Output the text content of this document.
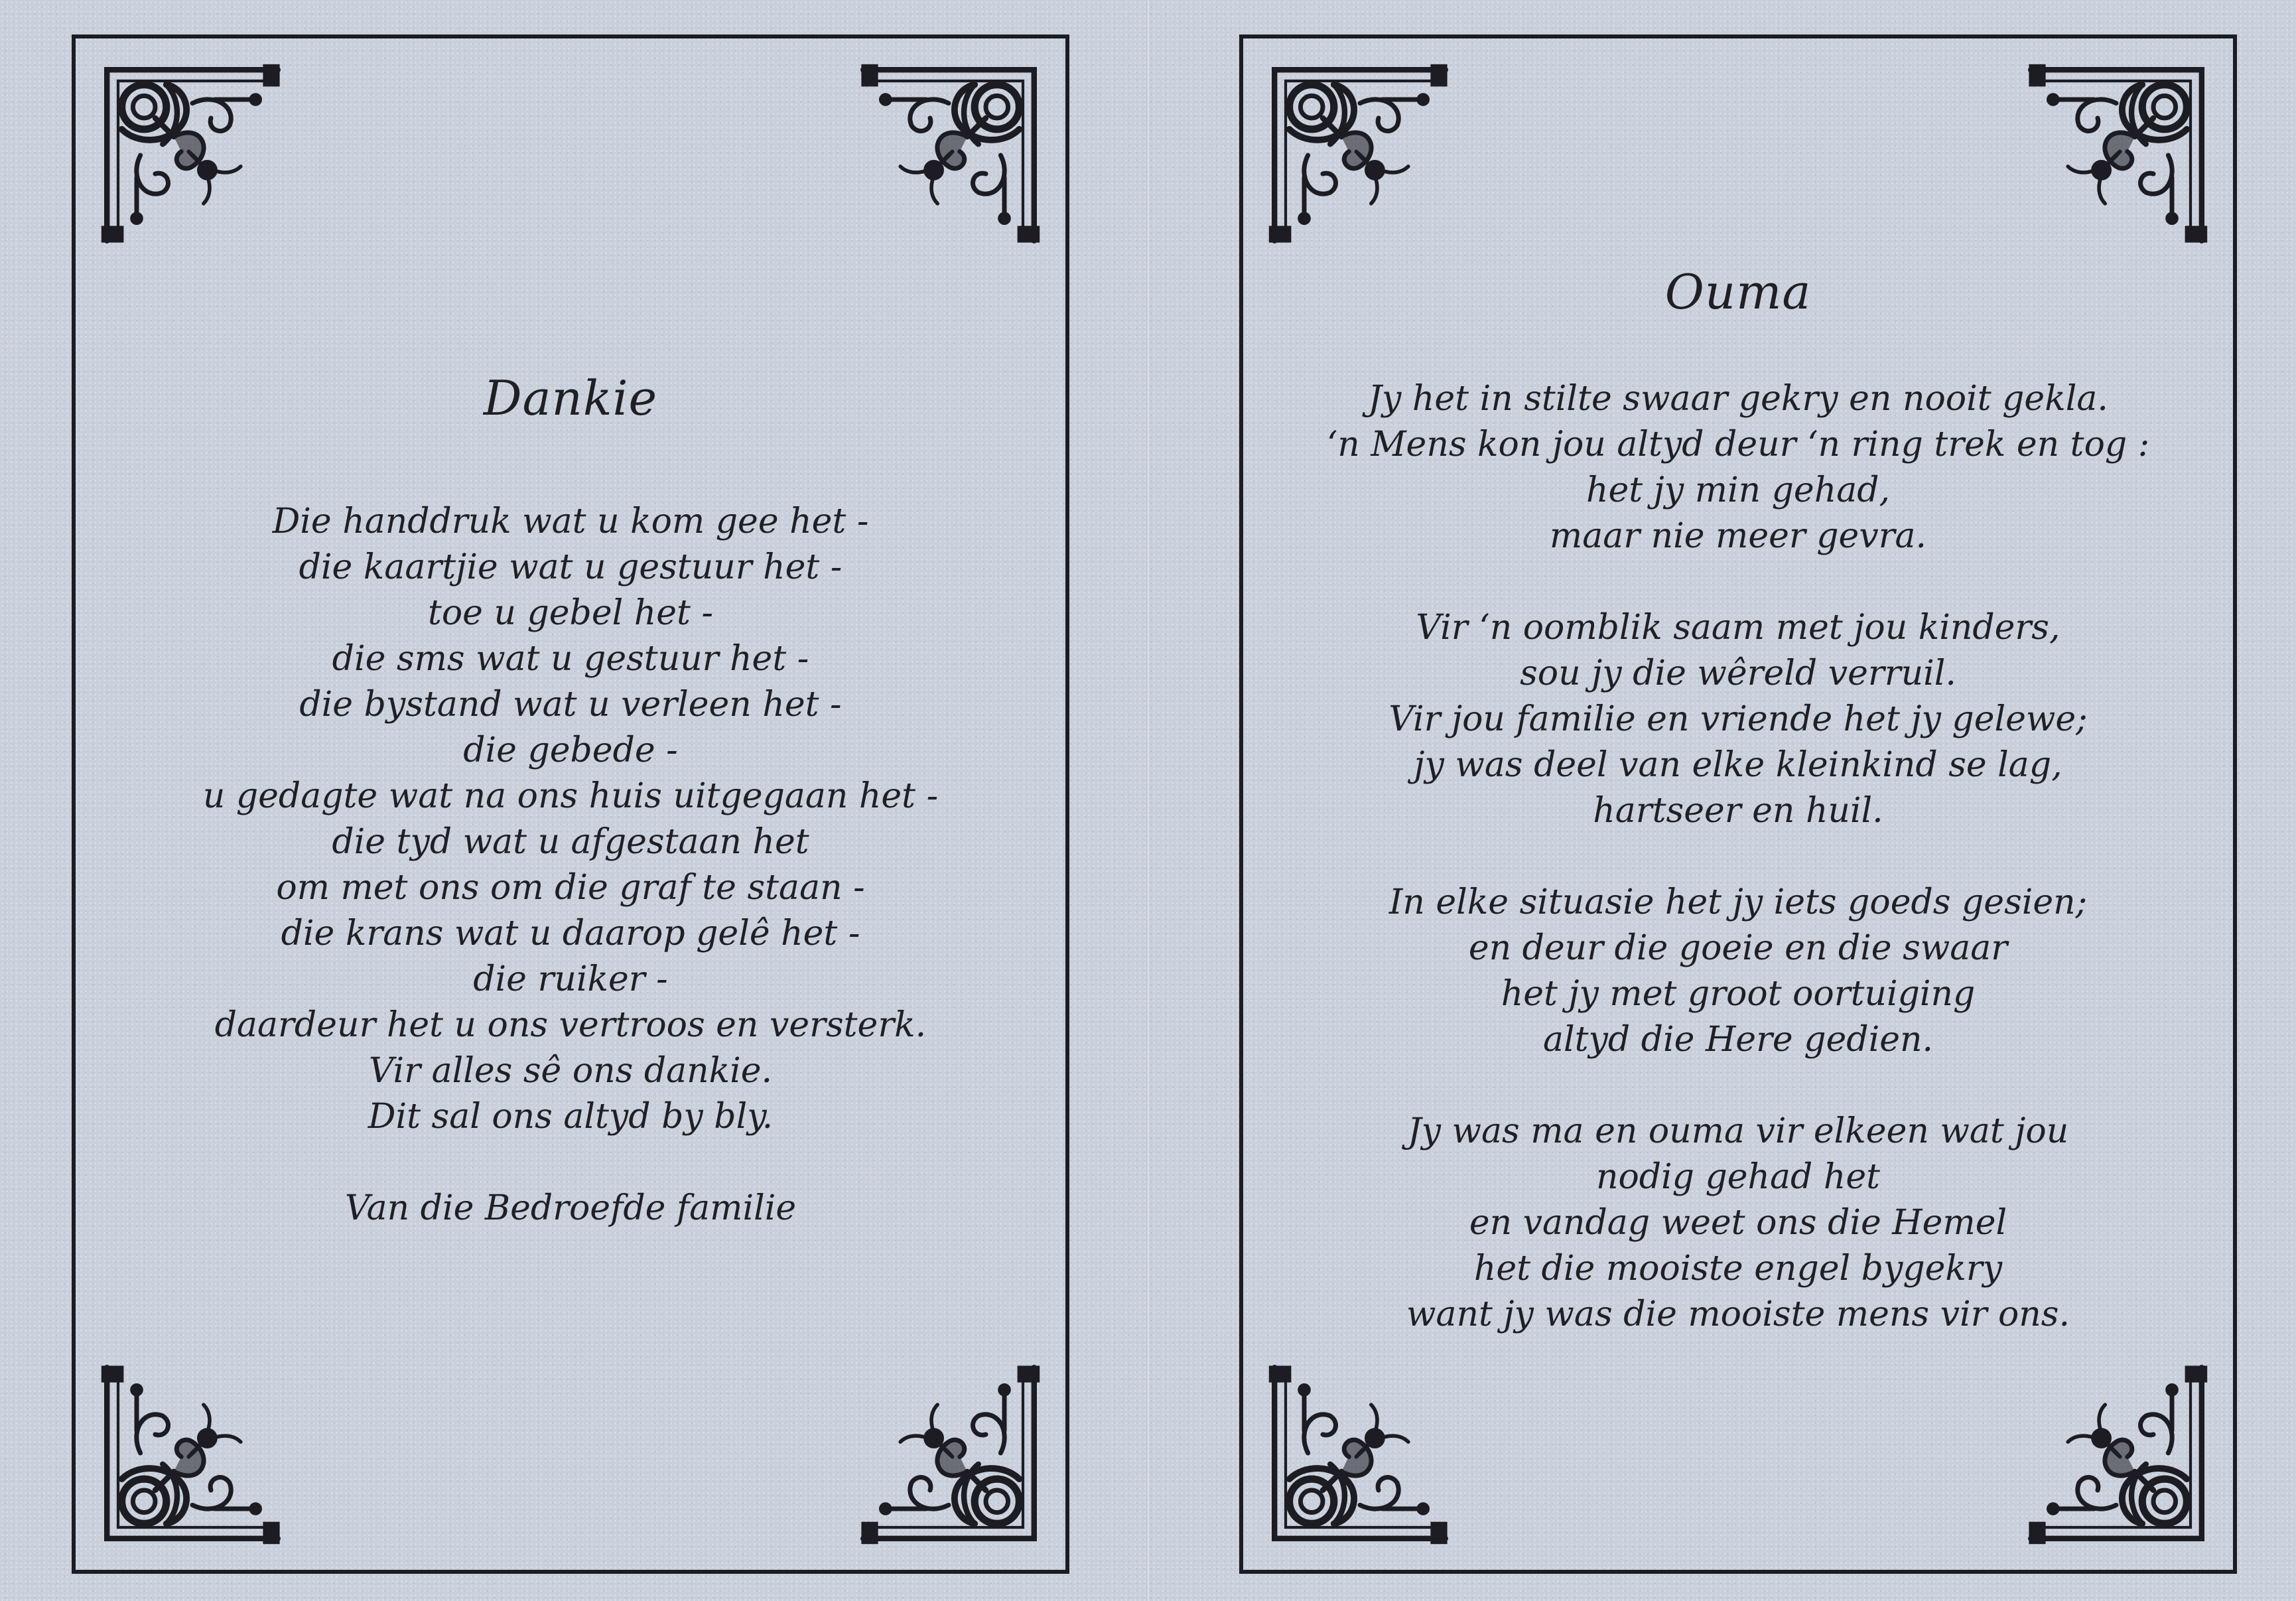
Dankie
Die handdruk wat u kom gee het -
die kaartjie wat u gestuur het -
toe u gebel het -
die sms wat u gestuur het -
die bystand wat u verleen het -
die gebede -
u gedagte wat na ons huis uitgegaan het -
die tyd wat u afgestaan het
om met ons om die graf te staan -
die krans wat u daarop gelê het -
die ruiker -
daardeur het u ons vertroos en versterk.
Vir alles sê ons dankie.
Dit sal ons altyd by bly.
Van die Bedroefde familie
Ouma
Jy het in stilte swaar gekry en nooit gekla.
‘n Mens kon jou altyd deur ‘n ring trek en tog :
het jy min gehad,
maar nie meer gevra.
Vir ‘n oomblik saam met jou kinders,
sou jy die wêreld verruil.
Vir jou familie en vriende het jy gelewe;
jy was deel van elke kleinkind se lag,
hartseer en huil.
In elke situasie het jy iets goeds gesien;
en deur die goeie en die swaar
het jy met groot oortuiging
altyd die Here gedien.
Jy was ma en ouma vir elkeen wat jou
nodig gehad het
en vandag weet ons die Hemel
het die mooiste engel bygekry
want jy was die mooiste mens vir ons.
